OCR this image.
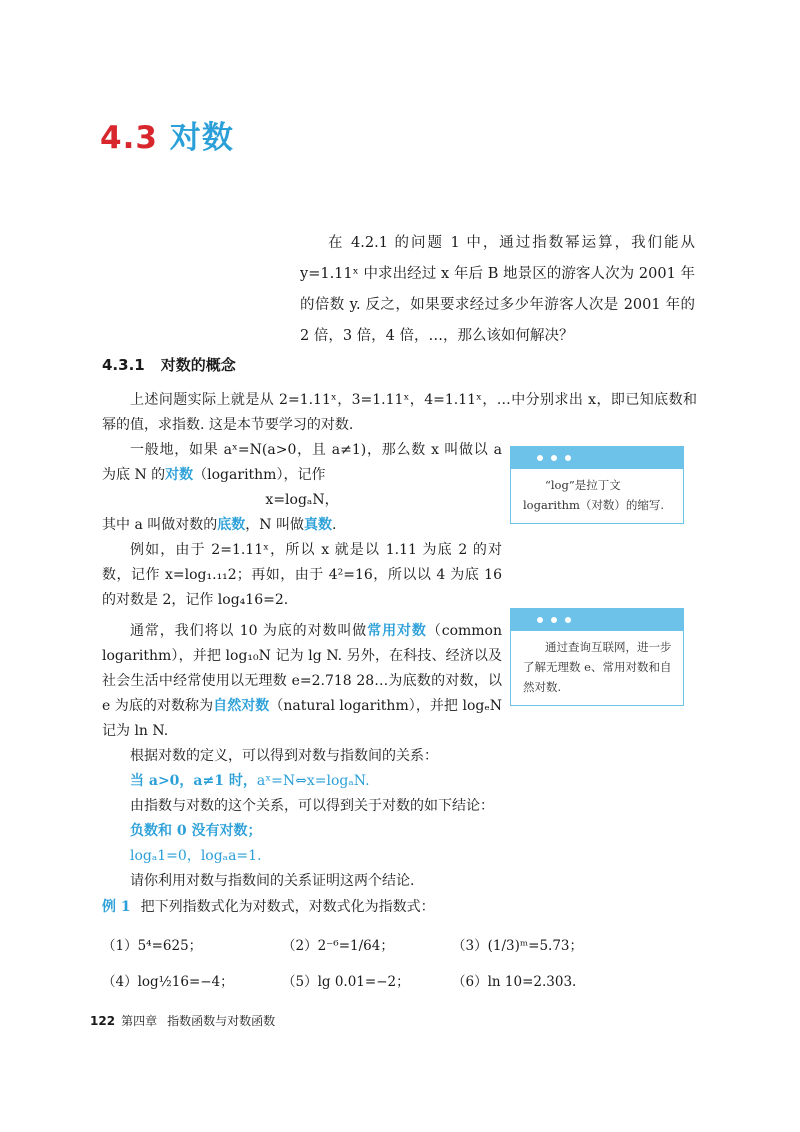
4.3 对数
在 4.2.1 的问题 1 中，通过指数幂运算，我们能从 y=1.11ˣ 中求出经过 x 年后 B 地景区的游客人次为 2001 年的倍数 y. 反之，如果要求经过多少年游客人次是 2001 年的 2 倍，3 倍，4 倍，…，那么该如何解决？
4.3.1 对数的概念

上述问题实际上就是从 2=1.11ˣ，3=1.11ˣ，4=1.11ˣ，…中分别求出 x，即已知底数和幂的值，求指数. 这是本节要学习的对数.

一般地，如果 aˣ=N(a>0，且 a≠1)，那么数 x 叫做以 a 为底 N 的对数（logarithm），记作

x=logₐN，

其中 a 叫做对数的底数，N 叫做真数.

例如，由于 2=1.11ˣ，所以 x 就是以 1.11 为底 2 的对数，记作 x=log₁.₁₁2；再如，由于 4²=16，所以以 4 为底 16 的对数是 2，记作 log₄16=2.

通常，我们将以 10 为底的对数叫做常用对数（common logarithm），并把 log₁₀N 记为 lg N. 另外，在科技、经济以及社会生活中经常使用以无理数 e=2.718 28…为底数的对数，以 e 为底的对数称为自然对数（natural logarithm），并把 logₑN 记为 ln N.

根据对数的定义，可以得到对数与指数间的关系：

当 a>0，a≠1 时，aˣ=N⇔x=logₐN.

由指数与对数的这个关系，可以得到关于对数的如下结论：

负数和 0 没有对数；

logₐ1=0，logₐa=1.

请你利用对数与指数间的关系证明这两个结论.

“log”是拉丁文 logarithm（对数）的缩写.
通过查询互联网，进一步了解无理数 e、常用对数和自然对数.
例 1 把下列指数式化为对数式，对数式化为指数式：
（1）5⁴=625；	（2）2⁻⁶=1/64；	（3）(1/3)ᵐ=5.73；
（4）log½16=−4；	（5）lg 0.01=−2；	（6）ln 10=2.303.
122 第四章 指数函数与对数函数
